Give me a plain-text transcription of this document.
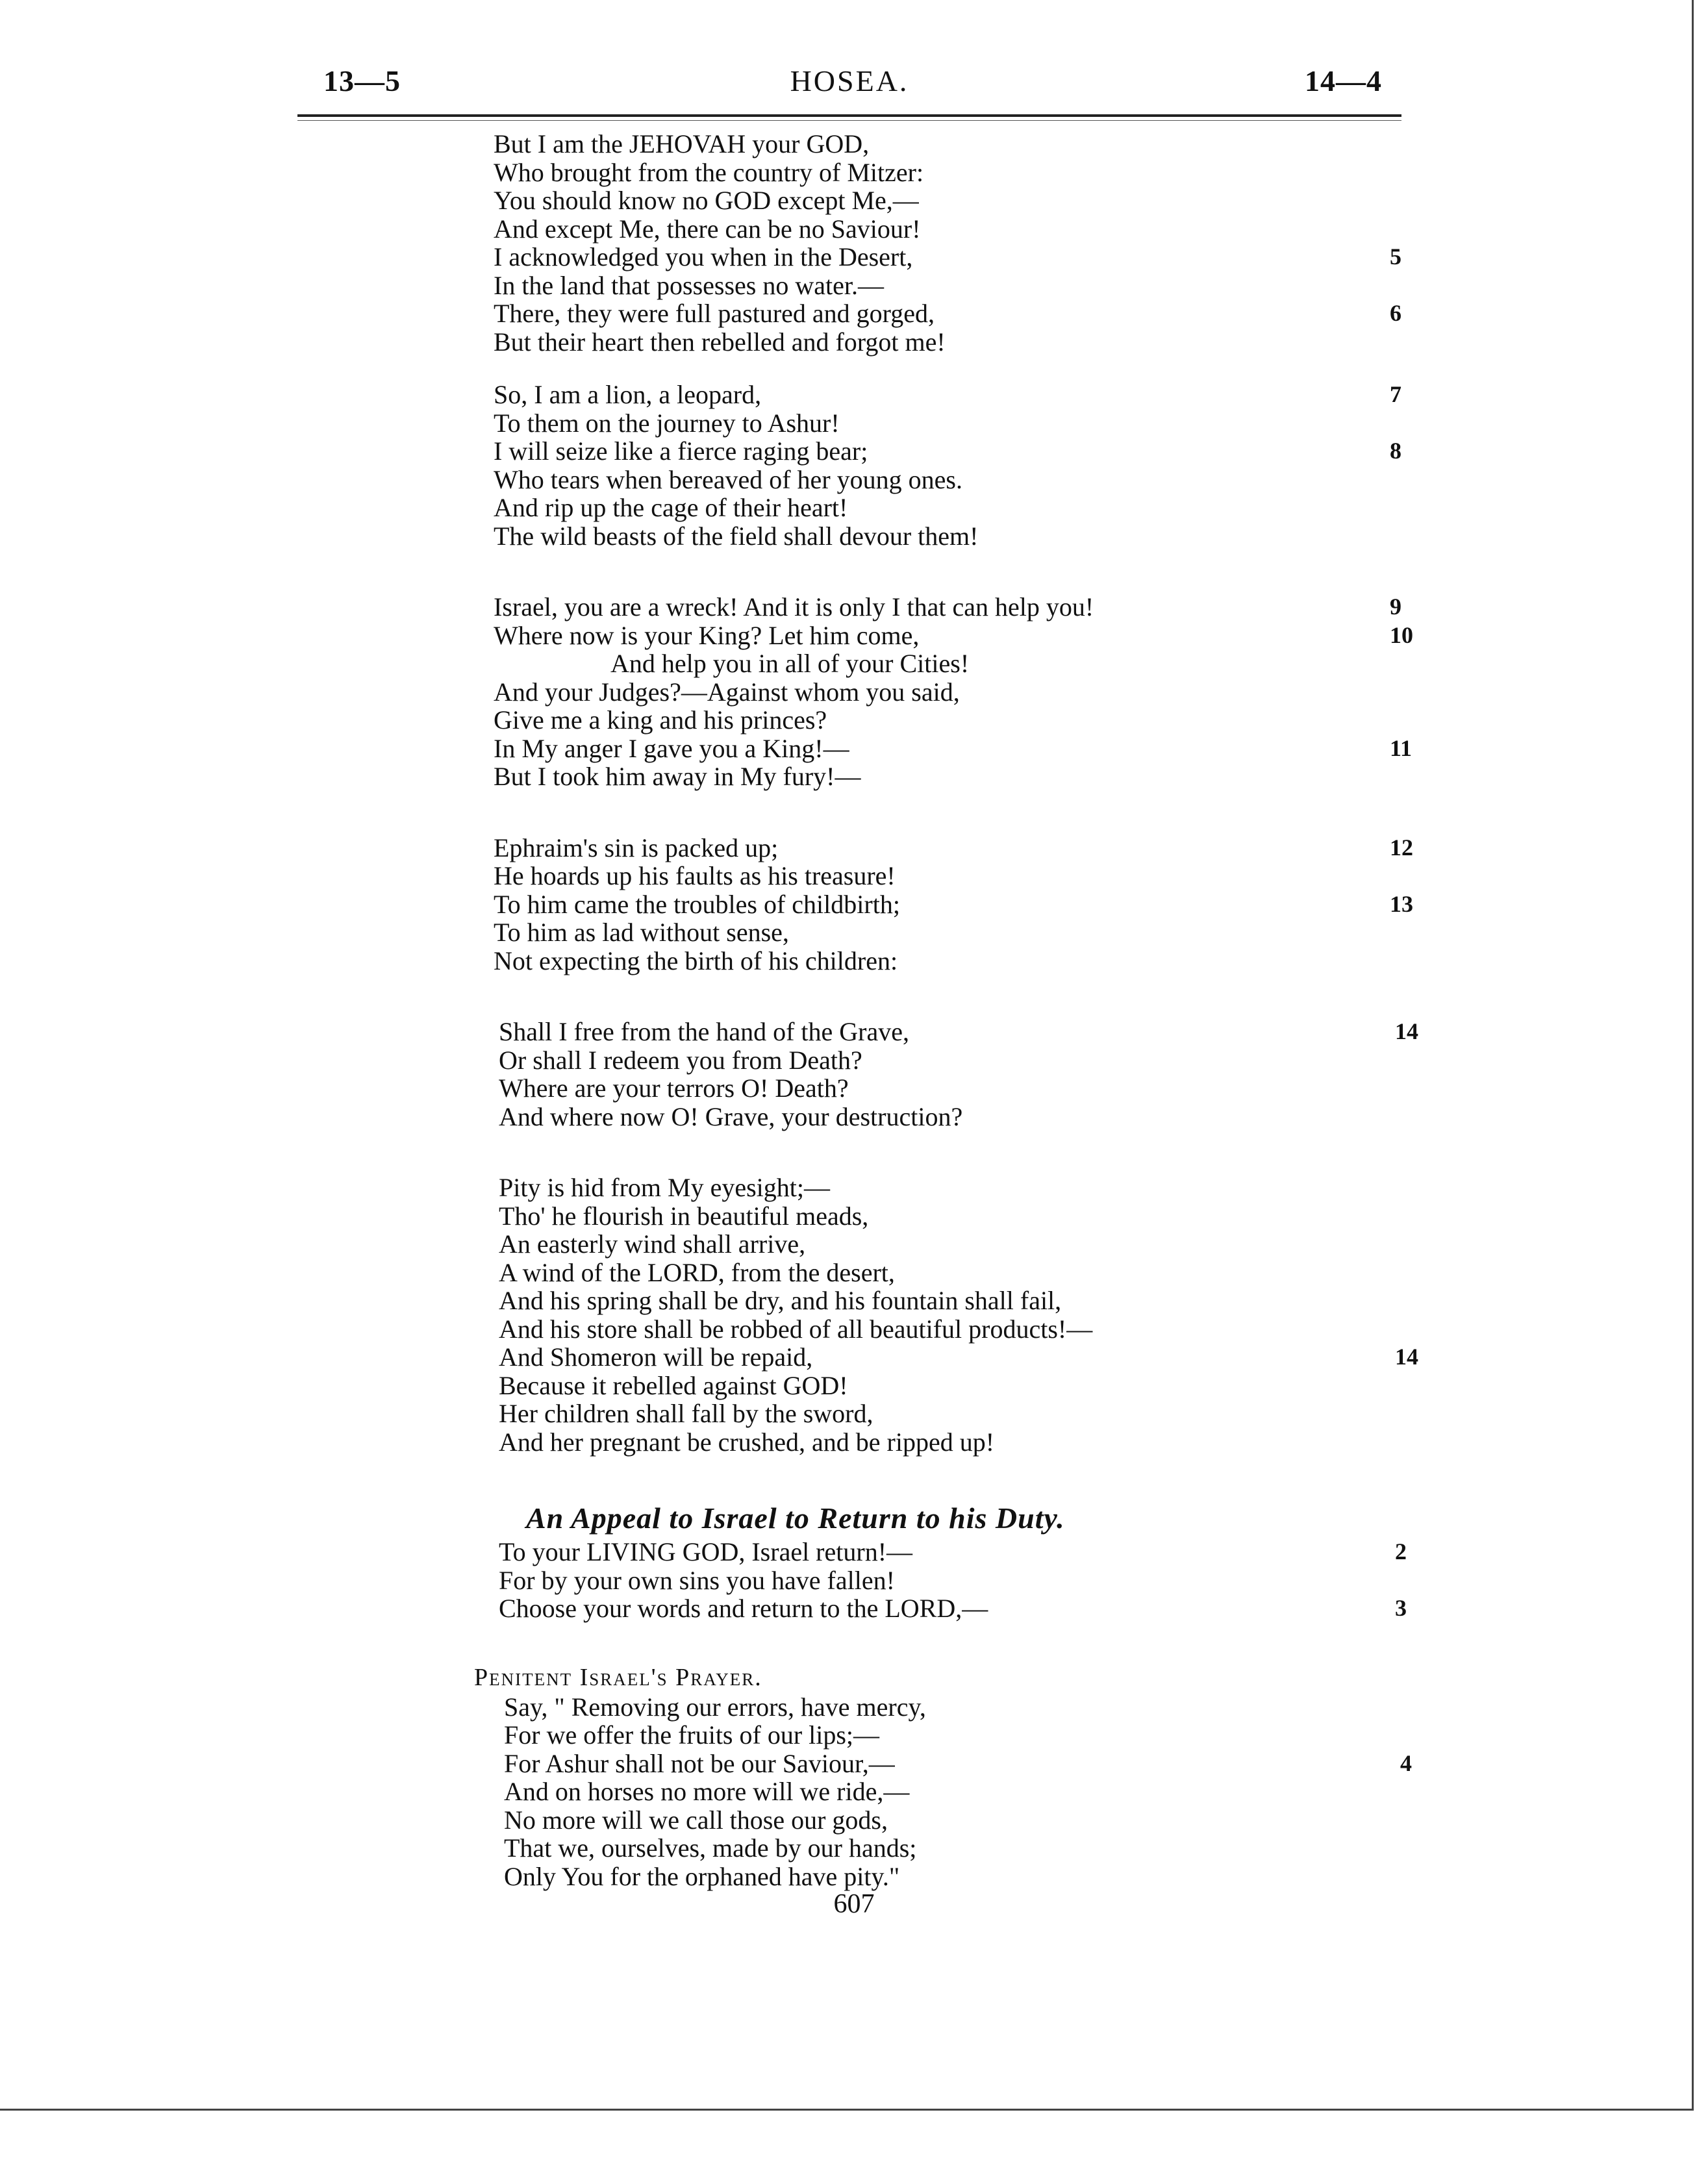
HOSEA.
13—5	14—4
But I am the JEHOVAH your GOD,
Who brought from the country of Mitzer:
You should know no GOD except Me,—
And except Me, there can be no Saviour!
I acknowledged you when in the Desert,	5
In the land that possesses no water.—
There, they were full pastured and gorged,	6
But their heart then rebelled and forgot me!
So, I am a lion, a leopard,	7
To them on the journey to Ashur!
I will seize like a fierce raging bear;	8
Who tears when bereaved of her young ones.
And rip up the cage of their heart!
The wild beasts of the field shall devour them!
Israel, you are a wreck! And it is only I that can help you!	9
Where now is your King? Let him come,	10
And help you in all of your Cities!
And your Judges?—Against whom you said,
Give me a king and his princes?
In My anger I gave you a King!—	11
But I took him away in My fury!—
Ephraim's sin is packed up;	12
He hoards up his faults as his treasure!
To him came the troubles of childbirth;	13
To him as lad without sense,
Not expecting the birth of his children:
Shall I free from the hand of the Grave,	14
Or shall I redeem you from Death?
Where are your terrors O! Death?
And where now O! Grave, your destruction?
Pity is hid from My eyesight;—
Tho' he flourish in beautiful meads,
An easterly wind shall arrive,
A wind of the LORD, from the desert,
And his spring shall be dry, and his fountain shall fail,
And his store shall be robbed of all beautiful products!—
And Shomeron will be repaid,	14
Because it rebelled against GOD!
Her children shall fall by the sword,
And her pregnant be crushed, and be ripped up!
An Appeal to Israel to Return to his Duty.
To your LIVING GOD, Israel return!—	2
For by your own sins you have fallen!
Choose your words and return to the LORD,—	3
Penitent Israel's Prayer.
Say, " Removing our errors, have mercy,
For we offer the fruits of our lips;—
For Ashur shall not be our Saviour,—	4
And on horses no more will we ride,—
No more will we call those our gods,
That we, ourselves, made by our hands;
Only You for the orphaned have pity."
607
